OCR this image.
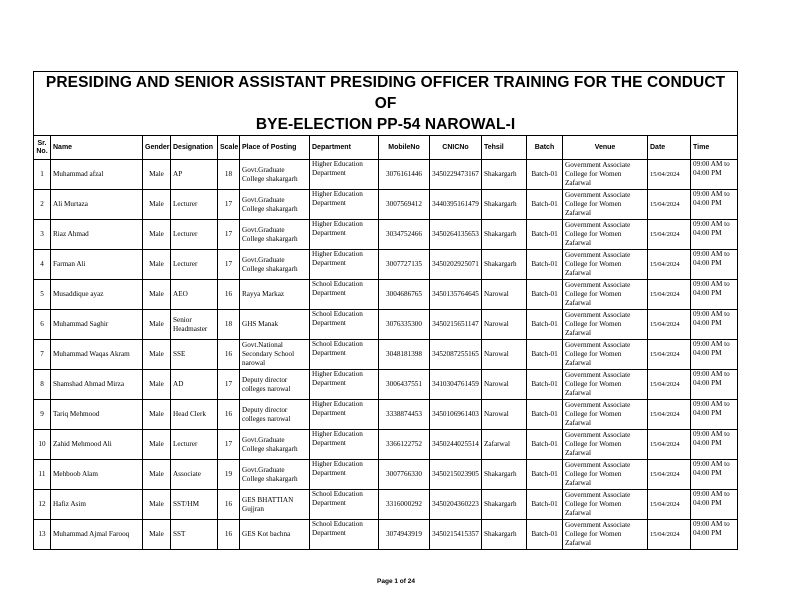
PRESIDING AND SENIOR ASSISTANT PRESIDING OFFICER TRAINING FOR THE CONDUCT OF
BYE-ELECTION PP-54 NAROWAL-I													

Sr. No.	Name	Gender	Designation	Scale	Place of Posting	Department	MobileNo	CNICNo	Tehsil	Batch	Venue	Date	Time
1	Muhammad afzal	Male	AP	18	Govt.Graduate College shakargarh	Higher Education Department	3076161446	3450229473167	Shakargarh	Batch-01	Government Associate College for Women Zafarwal	15/04/2024	09:00 AM to 04:00 PM
2	Ali Murtaza	Male	Lecturer	17	Govt.Graduate College shakargarh	Higher Education Department	3007569412	3440395161479	Shakargarh	Batch-01	Government Associate College for Women Zafarwal	15/04/2024	09:00 AM to 04:00 PM
3	Riaz Ahmad	Male	Lecturer	17	Govt.Graduate College shakargarh	Higher Education Department	3034752466	3450264135653	Shakargarh	Batch-01	Government Associate College for Women Zafarwal	15/04/2024	09:00 AM to 04:00 PM
4	Farman Ali	Male	Lecturer	17	Govt.Graduate College shakargarh	Higher Education Department	3007727135	3450202925071	Shakargarh	Batch-01	Government Associate College for Women Zafarwal	15/04/2024	09:00 AM to 04:00 PM
5	Musaddique ayaz	Male	AEO	16	Rayya Markaz	School Education Department	3004686765	3450135764645	Narowal	Batch-01	Government Associate College for Women Zafarwal	15/04/2024	09:00 AM to 04:00 PM
6	Muhammad Saghir	Male	Senior Headmaster	18	GHS Manak	School Education Department	3076335300	3450215651147	Narowal	Batch-01	Government Associate College for Women Zafarwal	15/04/2024	09:00 AM to 04:00 PM
7	Muhammad Waqas Akram	Male	SSE	16	Govt.National Secondary School narowal	School Education Department	3048181398	3452087255165	Narowal	Batch-01	Government Associate College for Women Zafarwal	15/04/2024	09:00 AM to 04:00 PM
8	Shamshad Ahmad Mirza	Male	AD	17	Deputy director colleges narowal	Higher Education Department	3006437551	3410304761459	Narowal	Batch-01	Government Associate College for Women Zafarwal	15/04/2024	09:00 AM to 04:00 PM
9	Tariq Mehmood	Male	Head Clerk	16	Deputy director colleges narowal	Higher Education Department	3338874453	3450106961403	Narowal	Batch-01	Government Associate College for Women Zafarwal	15/04/2024	09:00 AM to 04:00 PM
10	Zahid Mehmood Ali	Male	Lecturer	17	Govt.Graduate College shakargarh	Higher Education Department	3366122752	3450244025514	Zafarwal	Batch-01	Government Associate College for Women Zafarwal	15/04/2024	09:00 AM to 04:00 PM
11	Mehboob Alam	Male	Associate	19	Govt.Graduate College shakargarh	Higher Education Department	3007766330	3450215023905	Shakargarh	Batch-01	Government Associate College for Women Zafarwal	15/04/2024	09:00 AM to 04:00 PM
12	Hafiz Asim	Male	SST/HM	16	GES BHATTIAN Gujjran	School Education Department	3316000292	3450204360223	Shakargarh	Batch-01	Government Associate College for Women Zafarwal	15/04/2024	09:00 AM to 04:00 PM
13	Muhammad Ajmal Farooq	Male	SST	16	GES Kot bachna	School Education Department	3074943919	3450215415357	Shakargarh	Batch-01	Government Associate College for Women Zafarwal	15/04/2024	09:00 AM to 04:00 PM
Page 1 of 24
